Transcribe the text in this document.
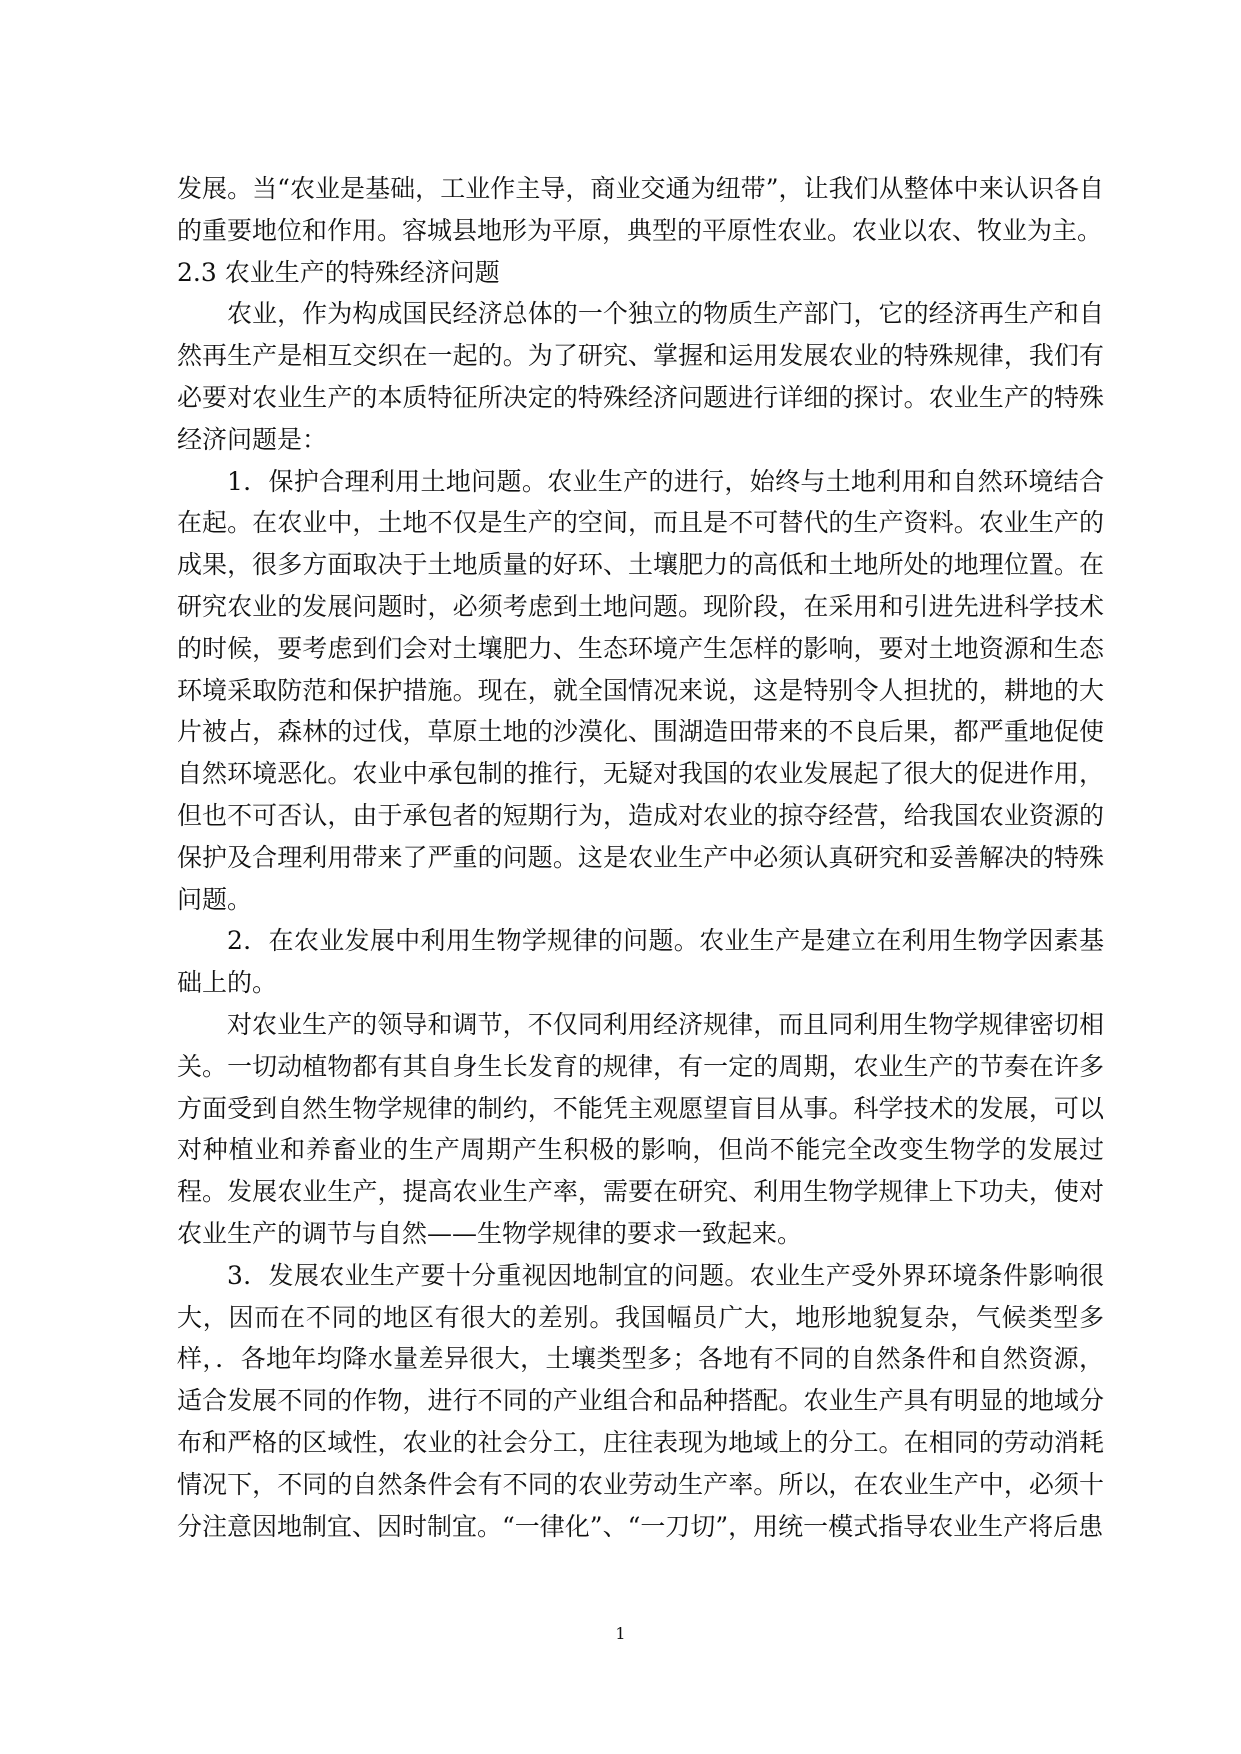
发展。当“农业是基础，工业作主导，商业交通为纽带”，让我们从整体中来认识各自的重要地位和作用。容城县地形为平原，典型的平原性农业。农业以农、牧业为主。

2.3 农业生产的特殊经济问题

农业，作为构成国民经济总体的一个独立的物质生产部门，它的经济再生产和自然再生产是相互交织在一起的。为了研究、掌握和运用发展农业的特殊规律，我们有必要对农业生产的本质特征所决定的特殊经济问题进行详细的探讨。农业生产的特殊经济问题是：

1．保护合理利用土地问题。农业生产的进行，始终与土地利用和自然环境结合在起。在农业中，土地不仅是生产的空间，而且是不可替代的生产资料。农业生产的成果，很多方面取决于土地质量的好环、土壤肥力的高低和土地所处的地理位置。在研究农业的发展问题时，必须考虑到土地问题。现阶段，在采用和引进先进科学技术的时候，要考虑到们会对土壤肥力、生态环境产生怎样的影响，要对土地资源和生态环境采取防范和保护措施。现在，就全国情况来说，这是特别令人担扰的，耕地的大片被占，森林的过伐，草原土地的沙漠化、围湖造田带来的不良后果，都严重地促使自然环境恶化。农业中承包制的推行，无疑对我国的农业发展起了很大的促进作用，但也不可否认，由于承包者的短期行为，造成对农业的掠夺经营，给我国农业资源的保护及合理利用带来了严重的问题。这是农业生产中必须认真研究和妥善解决的特殊问题。

2．在农业发展中利用生物学规律的问题。农业生产是建立在利用生物学因素基础上的。

对农业生产的领导和调节，不仅同利用经济规律，而且同利用生物学规律密切相关。一切动植物都有其自身生长发育的规律，有一定的周期，农业生产的节奏在许多方面受到自然生物学规律的制约，不能凭主观愿望盲目从事。科学技术的发展，可以对种植业和养畜业的生产周期产生积极的影响，但尚不能完全改变生物学的发展过程。发展农业生产，提高农业生产率，需要在研究、利用生物学规律上下功夫，使对农业生产的调节与自然——生物学规律的要求一致起来。

3．发展农业生产要十分重视因地制宜的问题。农业生产受外界环境条件影响很大，因而在不同的地区有很大的差别。我国幅员广大，地形地貌复杂，气候类型多样，．各地年均降水量差异很大，土壤类型多；各地有不同的自然条件和自然资源，适合发展不同的作物，进行不同的产业组合和品种搭配。农业生产具有明显的地域分布和严格的区域性，农业的社会分工，庄往表现为地域上的分工。在相同的劳动消耗情况下，不同的自然条件会有不同的农业劳动生产率。所以，在农业生产中，必须十分注意因地制宜、因时制宜。“一律化”、“一刀切”，用统一模式指导农业生产将后患

1
